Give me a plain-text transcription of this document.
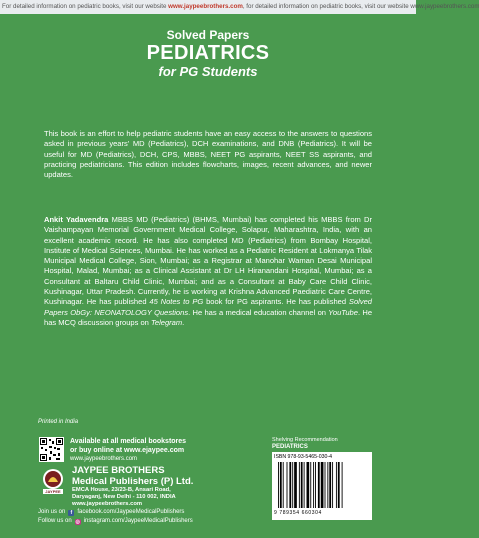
For detailed information on pediatric books, visit our website www.jaypeebrothers.com, for detailed information on pediatric books, visit our website www.jaypeebrothers.com
Solved Papers
PEDIATRICS
for PG Students
This book is an effort to help pediatric students have an easy access to the answers to questions asked in previous years' MD (Pediatrics), DCH examinations, and DNB (Pediatrics). It will be useful for MD (Pediatrics), DCH, CPS, MBBS, NEET PG aspirants, NEET SS aspirants, and practicing pediatricians. This edition includes flowcharts, images, recent advances, and newer updates.
Ankit Yadavendra MBBS MD (Pediatrics) (BHMS, Mumbai) has completed his MBBS from Dr Vaishampayan Memorial Government Medical College, Solapur, Maharashtra, India, with an excellent academic record. He has also completed MD (Pediatrics) from Bombay Hospital, Institute of Medical Sciences, Mumbai. He has worked as a Pediatric Resident at Lokmanya Tilak Municipal Medical College, Sion, Mumbai; as a Registrar at Manohar Waman Desai Municipal Hospital, Malad, Mumbai; as a Clinical Assistant at Dr LH Hiranandani Hospital, Mumbai; as a Consultant at Baltaru Child Clinic, Mumbai; and as a Consultant at Baby Care Child Clinic, Kushinagar, Uttar Pradesh. Currently, he is working at Krishna Advanced Paediatric Care Centre, Kushinagar. He has published 45 Notes to PG book for PG aspirants. He has published Solved Papers ObGy: NEONATOLOGY Questions. He has a medical education channel on YouTube. He has MCQ discussion groups on Telegram.
Printed in India
Available at all medical bookstores
or buy online at www.ejaypee.com
www.jaypeebrothers.com
JAYPEE
JAYPEE BROTHERS
Medical Publishers (P) Ltd.
EMCA House, 23/23-B, Ansari Road,
Daryaganj, New Delhi - 110 002, INDIA
www.jaypeebrothers.com
Join us on	f facebook.com/JaypeeMedicalPublishers
Follow us on ◎ instagram.com/JaypeeMedicalPublishers
Shelving Recommendation
PEDIATRICS
ISBN 978-93-5465-030-4
9 789354 660304
